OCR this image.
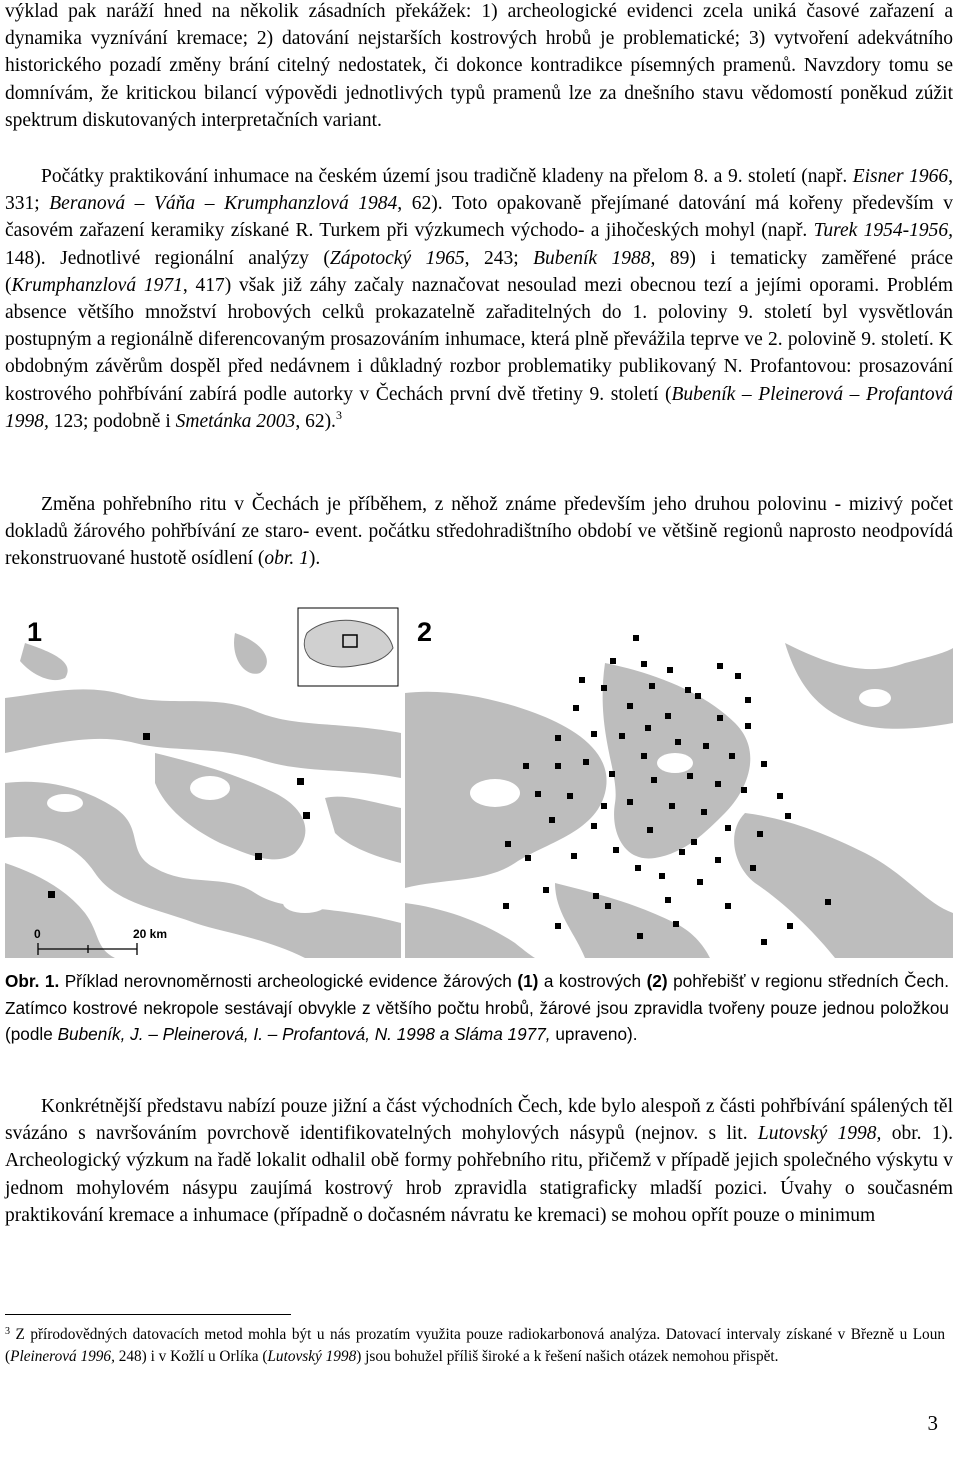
výklad pak naráží hned na několik zásadních překážek: 1) archeologické evidenci zcela uniká časové zařazení a dynamika vyznívání kremace; 2) datování nejstarších kostrových hrobů je problematické; 3) vytvoření adekvátního historického pozadí změny brání citelný nedostatek, či dokonce kontradikce písemných pramenů. Navzdory tomu se domnívám, že kritickou bilancí výpovědi jednotlivých typů pramenů lze za dnešního stavu vědomostí poněkud zúžit spektrum diskutovaných interpretačních variant.

Počátky praktikování inhumace na českém území jsou tradičně kladeny na přelom 8. a 9. století (např. Eisner 1966, 331; Beranová – Váňa – Krumphanzlová 1984, 62). Toto opakovaně přejímané datování má kořeny především v časovém zařazení keramiky získané R. Turkem při výzkumech východo- a jihočeských mohyl (např. Turek 1954-1956, 148). Jednotlivé regionální analýzy (Zápotocký 1965, 243; Bubeník 1988, 89) i tematicky zaměřené práce (Krumphanzlová 1971, 417) však již záhy začaly naznačovat nesoulad mezi obecnou tezí a jejími oporami. Problém absence většího množství hrobových celků prokazatelně zařaditelných do 1. poloviny 9. století byl vysvětlován postupným a regionálně diferencovaným prosazováním inhumace, která plně převážila teprve ve 2. polovině 9. století. K obdobným závěrům dospěl před nedávnem i důkladný rozbor problematiky publikovaný N. Profantovou: prosazování kostrového pohřbívání zabírá podle autorky v Čechách první dvě třetiny 9. století (Bubeník – Pleinerová – Profantová 1998, 123; podobně i Smetánka 2003, 62).$^3$

Změna pohřebního ritu v Čechách je příběhem, z něhož známe především jeho druhou polovinu - mizivý počet dokladů žárového pohřbívání ze staro- event. počátku středohradištního období ve většině regionů naprosto neodpovídá rekonstruované hustotě osídlení (obr. 1).

1
0	20 km
2

Obr. 1. Příklad nerovnoměrnosti archeologické evidence žárových (1) a kostrových (2) pohřebišť v regionu středních Čech. Zatímco kostrové nekropole sestávají obvykle z většího počtu hrobů, žárové jsou zpravidla tvořeny pouze jednou položkou (podle Bubeník, J. – Pleinerová, I. – Profantová, N. 1998 a Sláma 1977, upraveno).

Konkrétnější představu nabízí pouze jižní a část východních Čech, kde bylo alespoň z části pohřbívání spálených těl svázáno s navršováním povrchově identifikovatelných mohylových násypů (nejnov. s lit. Lutovský 1998, obr. 1). Archeologický výzkum na řadě lokalit odhalil obě formy pohřebního ritu, přičemž v případě jejich společného výskytu v jednom mohylovém násypu zaujímá kostrový hrob zpravidla statigraficky mladší pozici. Úvahy o současném praktikování kremace a inhumace (případně o dočasném návratu ke kremaci) se mohou opřít pouze o minimum

$^3$ Z přírodovědných datovacích metod mohla být u nás prozatím využita pouze radiokarbonová analýza. Datovací intervaly získané v Březně u Loun (Pleinerová 1996, 248) i v Kožlí u Orlíka (Lutovský 1998) jsou bohužel příliš široké a k řešení našich otázek nemohou přispět.

3
